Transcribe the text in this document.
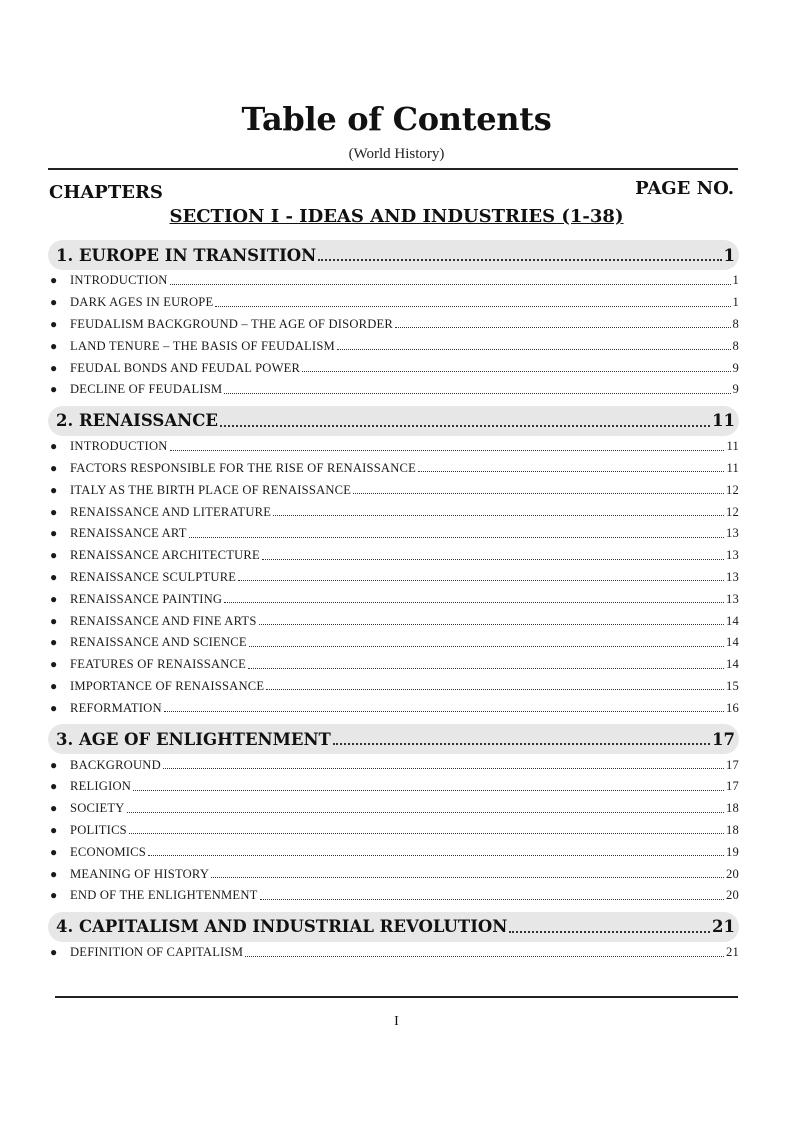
Table of Contents
(World History)
CHAPTERS	PAGE NO.
SECTION I - IDEAS AND INDUSTRIES (1-38)
1. EUROPE IN TRANSITION	1
● INTRODUCTION	1
● DARK AGES IN EUROPE	1
● FEUDALISM BACKGROUND – THE AGE OF DISORDER	8
● LAND TENURE – THE BASIS OF FEUDALISM	8
● FEUDAL BONDS AND FEUDAL POWER	9
● DECLINE OF FEUDALISM	9
2. RENAISSANCE	11
● INTRODUCTION	11
● FACTORS RESPONSIBLE FOR THE RISE OF RENAISSANCE	11
● ITALY AS THE BIRTH PLACE OF RENAISSANCE	12
● RENAISSANCE AND LITERATURE	12
● RENAISSANCE ART	13
● RENAISSANCE ARCHITECTURE	13
● RENAISSANCE SCULPTURE	13
● RENAISSANCE PAINTING	13
● RENAISSANCE AND FINE ARTS	14
● RENAISSANCE AND SCIENCE	14
● FEATURES OF RENAISSANCE	14
● IMPORTANCE OF RENAISSANCE	15
● REFORMATION	16
3. AGE OF ENLIGHTENMENT	17
● BACKGROUND	17
● RELIGION	17
● SOCIETY	18
● POLITICS	18
● ECONOMICS	19
● MEANING OF HISTORY	20
● END OF THE ENLIGHTENMENT	20
4. CAPITALISM AND INDUSTRIAL REVOLUTION	21
● DEFINITION OF CAPITALISM	21
I
